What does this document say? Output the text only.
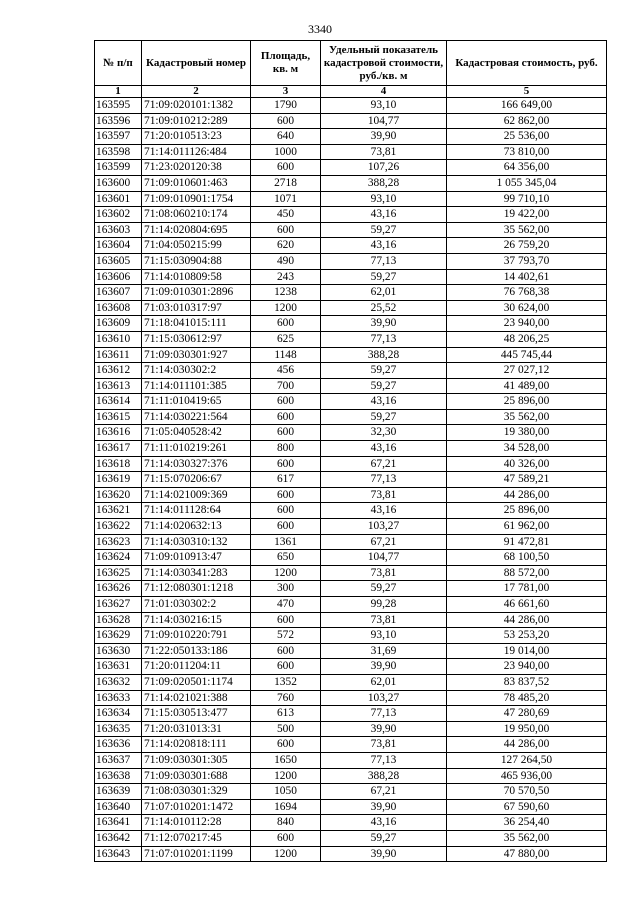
3340
№ п/п	Кадастровый номер	Площадь, кв. м	Удельный показатель кадастровой стоимости, руб./кв. м	Кадастровая стоимость, руб.
1	2	3	4	5
163595	71:09:020101:1382	1790	93,10	166 649,00
163596	71:09:010212:289	600	104,77	62 862,00
163597	71:20:010513:23	640	39,90	25 536,00
163598	71:14:011126:484	1000	73,81	73 810,00
163599	71:23:020120:38	600	107,26	64 356,00
163600	71:09:010601:463	2718	388,28	1 055 345,04
163601	71:09:010901:1754	1071	93,10	99 710,10
163602	71:08:060210:174	450	43,16	19 422,00
163603	71:14:020804:695	600	59,27	35 562,00
163604	71:04:050215:99	620	43,16	26 759,20
163605	71:15:030904:88	490	77,13	37 793,70
163606	71:14:010809:58	243	59,27	14 402,61
163607	71:09:010301:2896	1238	62,01	76 768,38
163608	71:03:010317:97	1200	25,52	30 624,00
163609	71:18:041015:111	600	39,90	23 940,00
163610	71:15:030612:97	625	77,13	48 206,25
163611	71:09:030301:927	1148	388,28	445 745,44
163612	71:14:030302:2	456	59,27	27 027,12
163613	71:14:011101:385	700	59,27	41 489,00
163614	71:11:010419:65	600	43,16	25 896,00
163615	71:14:030221:564	600	59,27	35 562,00
163616	71:05:040528:42	600	32,30	19 380,00
163617	71:11:010219:261	800	43,16	34 528,00
163618	71:14:030327:376	600	67,21	40 326,00
163619	71:15:070206:67	617	77,13	47 589,21
163620	71:14:021009:369	600	73,81	44 286,00
163621	71:14:011128:64	600	43,16	25 896,00
163622	71:14:020632:13	600	103,27	61 962,00
163623	71:14:030310:132	1361	67,21	91 472,81
163624	71:09:010913:47	650	104,77	68 100,50
163625	71:14:030341:283	1200	73,81	88 572,00
163626	71:12:080301:1218	300	59,27	17 781,00
163627	71:01:030302:2	470	99,28	46 661,60
163628	71:14:030216:15	600	73,81	44 286,00
163629	71:09:010220:791	572	93,10	53 253,20
163630	71:22:050133:186	600	31,69	19 014,00
163631	71:20:011204:11	600	39,90	23 940,00
163632	71:09:020501:1174	1352	62,01	83 837,52
163633	71:14:021021:388	760	103,27	78 485,20
163634	71:15:030513:477	613	77,13	47 280,69
163635	71:20:031013:31	500	39,90	19 950,00
163636	71:14:020818:111	600	73,81	44 286,00
163637	71:09:030301:305	1650	77,13	127 264,50
163638	71:09:030301:688	1200	388,28	465 936,00
163639	71:08:030301:329	1050	67,21	70 570,50
163640	71:07:010201:1472	1694	39,90	67 590,60
163641	71:14:010112:28	840	43,16	36 254,40
163642	71:12:070217:45	600	59,27	35 562,00
163643	71:07:010201:1199	1200	39,90	47 880,00
